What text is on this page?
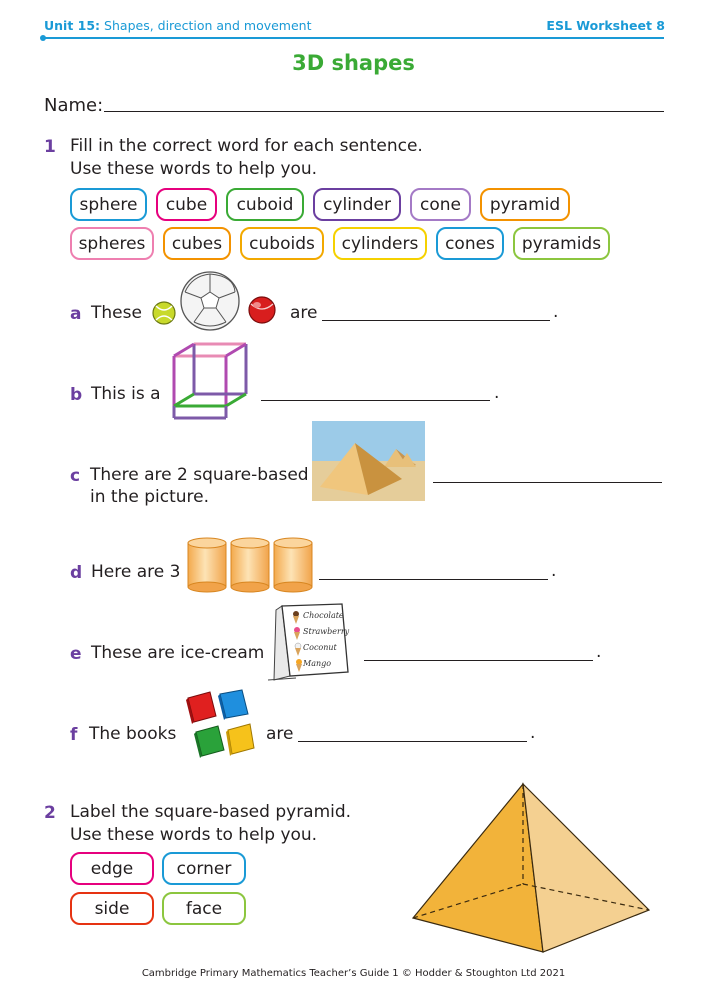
Unit 15: Shapes, direction and movement	ESL Worksheet 8
3D shapes
Name:
1 Fill in the correct word for each sentence.
Use these words to help you.
sphere	cube	cuboid	cylinder	cone	pyramid
spheres	cubes	cuboids	cylinders	cones	pyramids
a These	are	.
b This is a	.
c There are 2 square-based
in the picture.
d Here are 3	.
e These are ice-cream
Chocolate
Strawberry
Coconut
Mango
.
f The books	are	.
2 Label the square-based pyramid.
Use these words to help you.
edge	corner
side	face
Cambridge Primary Mathematics Teacher’s Guide 1 © Hodder & Stoughton Ltd 2021
